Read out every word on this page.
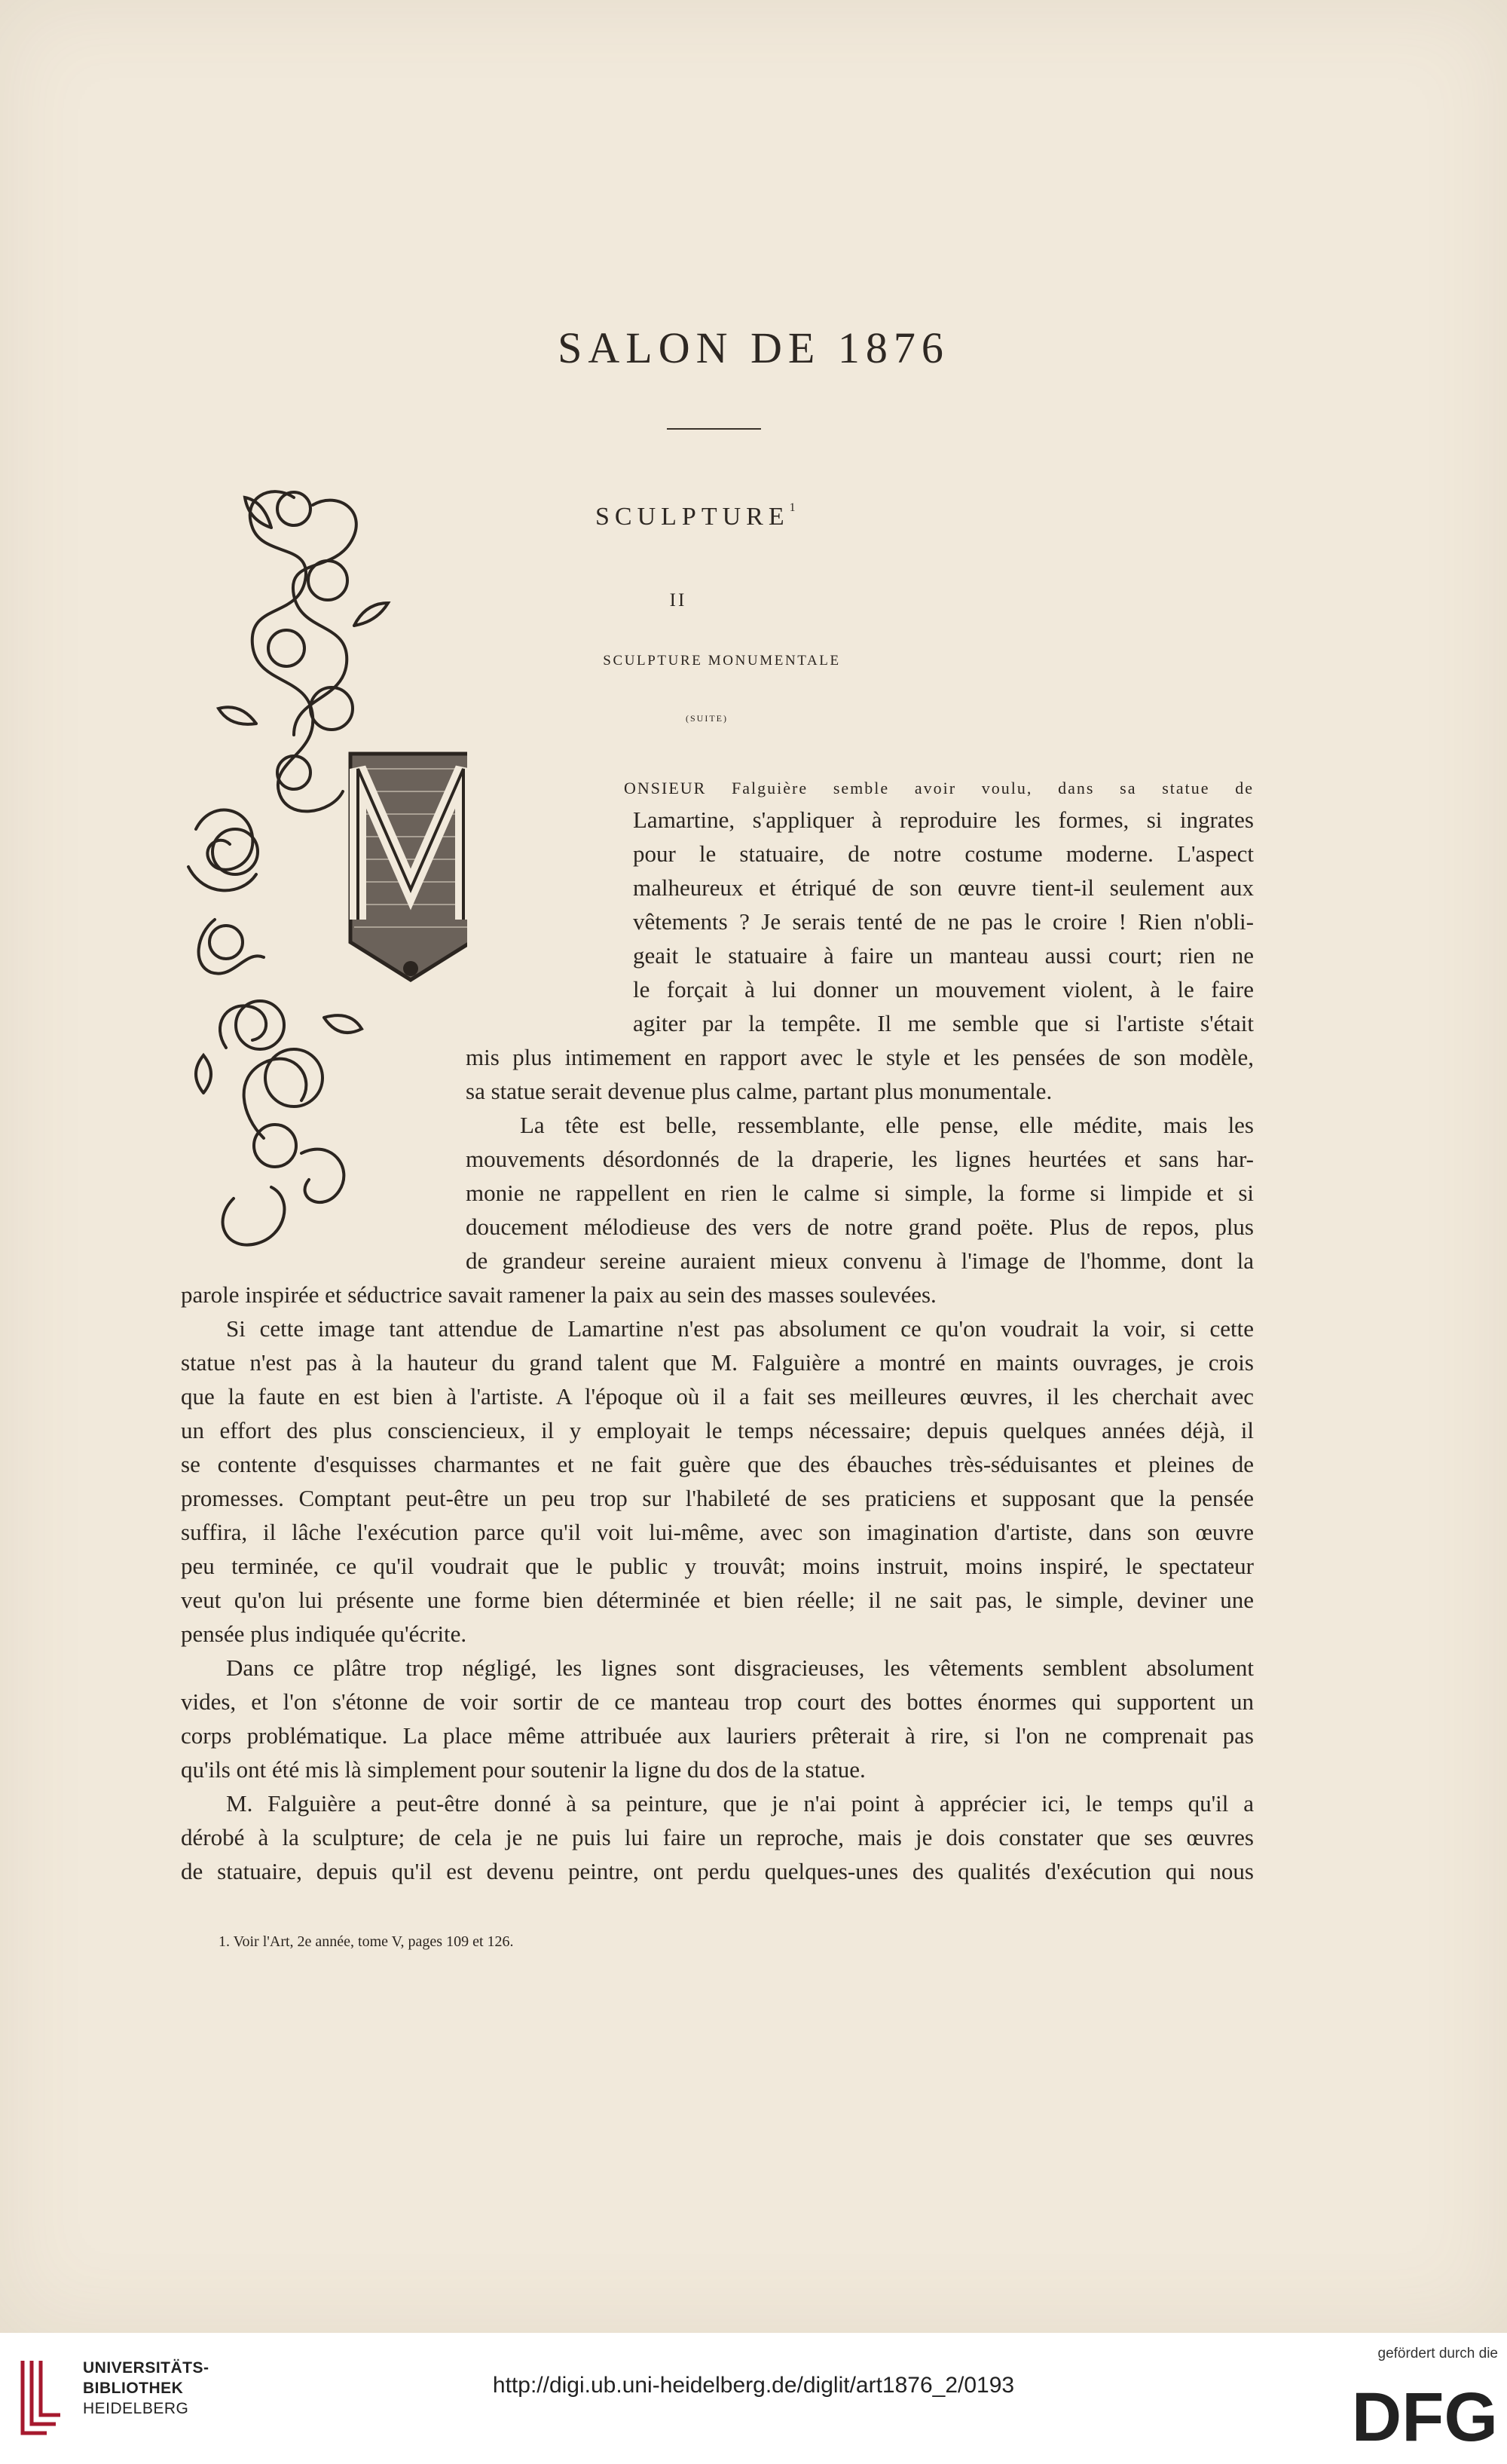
SALON DE 1876
SCULPTURE$^1$
II
SCULPTURE MONUMENTALE
(SUITE)
ONSIEUR Falguière semble avoir voulu, dans sa statue de
Lamartine, s'appliquer à reproduire les formes, si ingrates
pour le statuaire, de notre costume moderne. L'aspect
malheureux et étriqué de son œuvre tient-il seulement aux
vêtements ? Je serais tenté de ne pas le croire ! Rien n'obli-
geait le statuaire à faire un manteau aussi court; rien ne
le forçait à lui donner un mouvement violent, à le faire
agiter par la tempête. Il me semble que si l'artiste s'était
mis plus intimement en rapport avec le style et les pensées de son modèle,
sa statue serait devenue plus calme, partant plus monumentale.
La tête est belle, ressemblante, elle pense, elle médite, mais les
mouvements désordonnés de la draperie, les lignes heurtées et sans har-
monie ne rappellent en rien le calme si simple, la forme si limpide et si
doucement mélodieuse des vers de notre grand poëte. Plus de repos, plus
de grandeur sereine auraient mieux convenu à l'image de l'homme, dont la
parole inspirée et séductrice savait ramener la paix au sein des masses soulevées.
Si cette image tant attendue de Lamartine n'est pas absolument ce qu'on voudrait la voir, si cette
statue n'est pas à la hauteur du grand talent que M. Falguière a montré en maints ouvrages, je crois
que la faute en est bien à l'artiste. A l'époque où il a fait ses meilleures œuvres, il les cherchait avec
un effort des plus consciencieux, il y employait le temps nécessaire; depuis quelques années déjà, il
se contente d'esquisses charmantes et ne fait guère que des ébauches très-séduisantes et pleines de
promesses. Comptant peut-être un peu trop sur l'habileté de ses praticiens et supposant que la pensée
suffira, il lâche l'exécution parce qu'il voit lui-même, avec son imagination d'artiste, dans son œuvre
peu terminée, ce qu'il voudrait que le public y trouvât; moins instruit, moins inspiré, le spectateur
veut qu'on lui présente une forme bien déterminée et bien réelle; il ne sait pas, le simple, deviner une
pensée plus indiquée qu'écrite.
Dans ce plâtre trop négligé, les lignes sont disgracieuses, les vêtements semblent absolument
vides, et l'on s'étonne de voir sortir de ce manteau trop court des bottes énormes qui supportent un
corps problématique. La place même attribuée aux lauriers prêterait à rire, si l'on ne comprenait pas
qu'ils ont été mis là simplement pour soutenir la ligne du dos de la statue.
M. Falguière a peut-être donné à sa peinture, que je n'ai point à apprécier ici, le temps qu'il a
dérobé à la sculpture; de cela je ne puis lui faire un reproche, mais je dois constater que ses œuvres
de statuaire, depuis qu'il est devenu peintre, ont perdu quelques-unes des qualités d'exécution qui nous
1. Voir l'Art, 2e année, tome V, pages 109 et 126.
UNIVERSITÄTS-
BIBLIOTHEK
HEIDELBERG
http://digi.ub.uni-heidelberg.de/diglit/art1876_2/0193
gefördert durch die
DFG
